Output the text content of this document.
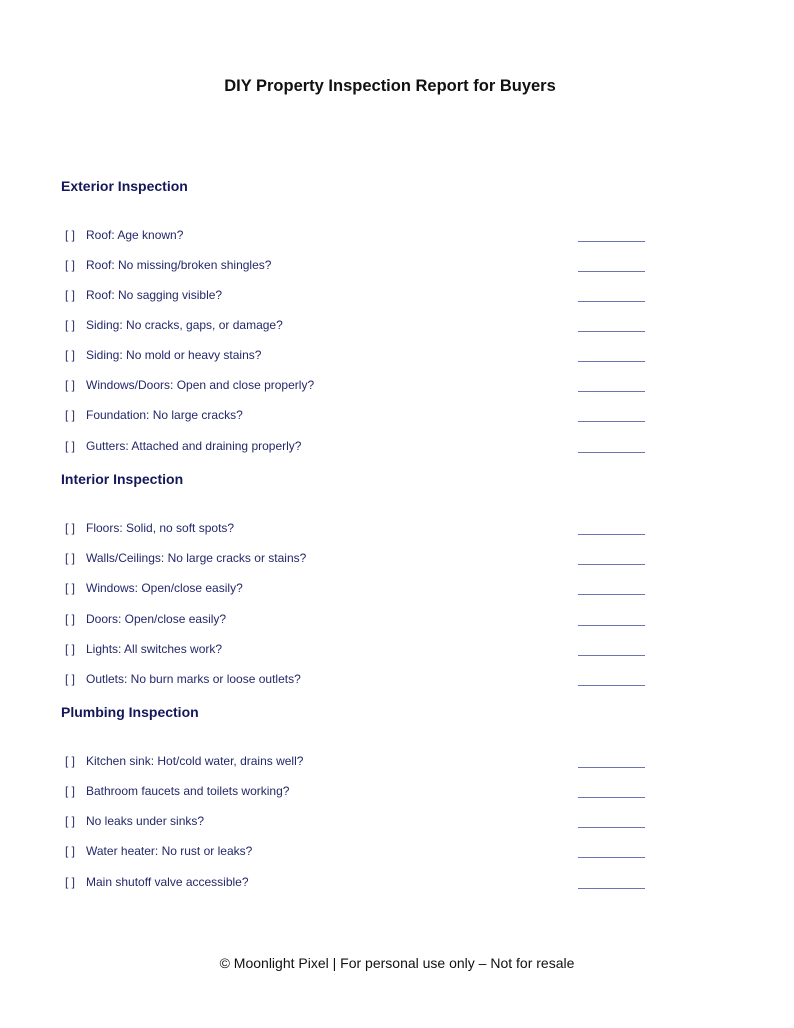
DIY Property Inspection Report for Buyers
Exterior Inspection
[ ] Roof: Age known?
[ ] Roof: No missing/broken shingles?
[ ] Roof: No sagging visible?
[ ] Siding: No cracks, gaps, or damage?
[ ] Siding: No mold or heavy stains?
[ ] Windows/Doors: Open and close properly?
[ ] Foundation: No large cracks?
[ ] Gutters: Attached and draining properly?
Interior Inspection
[ ] Floors: Solid, no soft spots?
[ ] Walls/Ceilings: No large cracks or stains?
[ ] Windows: Open/close easily?
[ ] Doors: Open/close easily?
[ ] Lights: All switches work?
[ ] Outlets: No burn marks or loose outlets?
Plumbing Inspection
[ ] Kitchen sink: Hot/cold water, drains well?
[ ] Bathroom faucets and toilets working?
[ ] No leaks under sinks?
[ ] Water heater: No rust or leaks?
[ ] Main shutoff valve accessible?
© Moonlight Pixel | For personal use only – Not for resale
